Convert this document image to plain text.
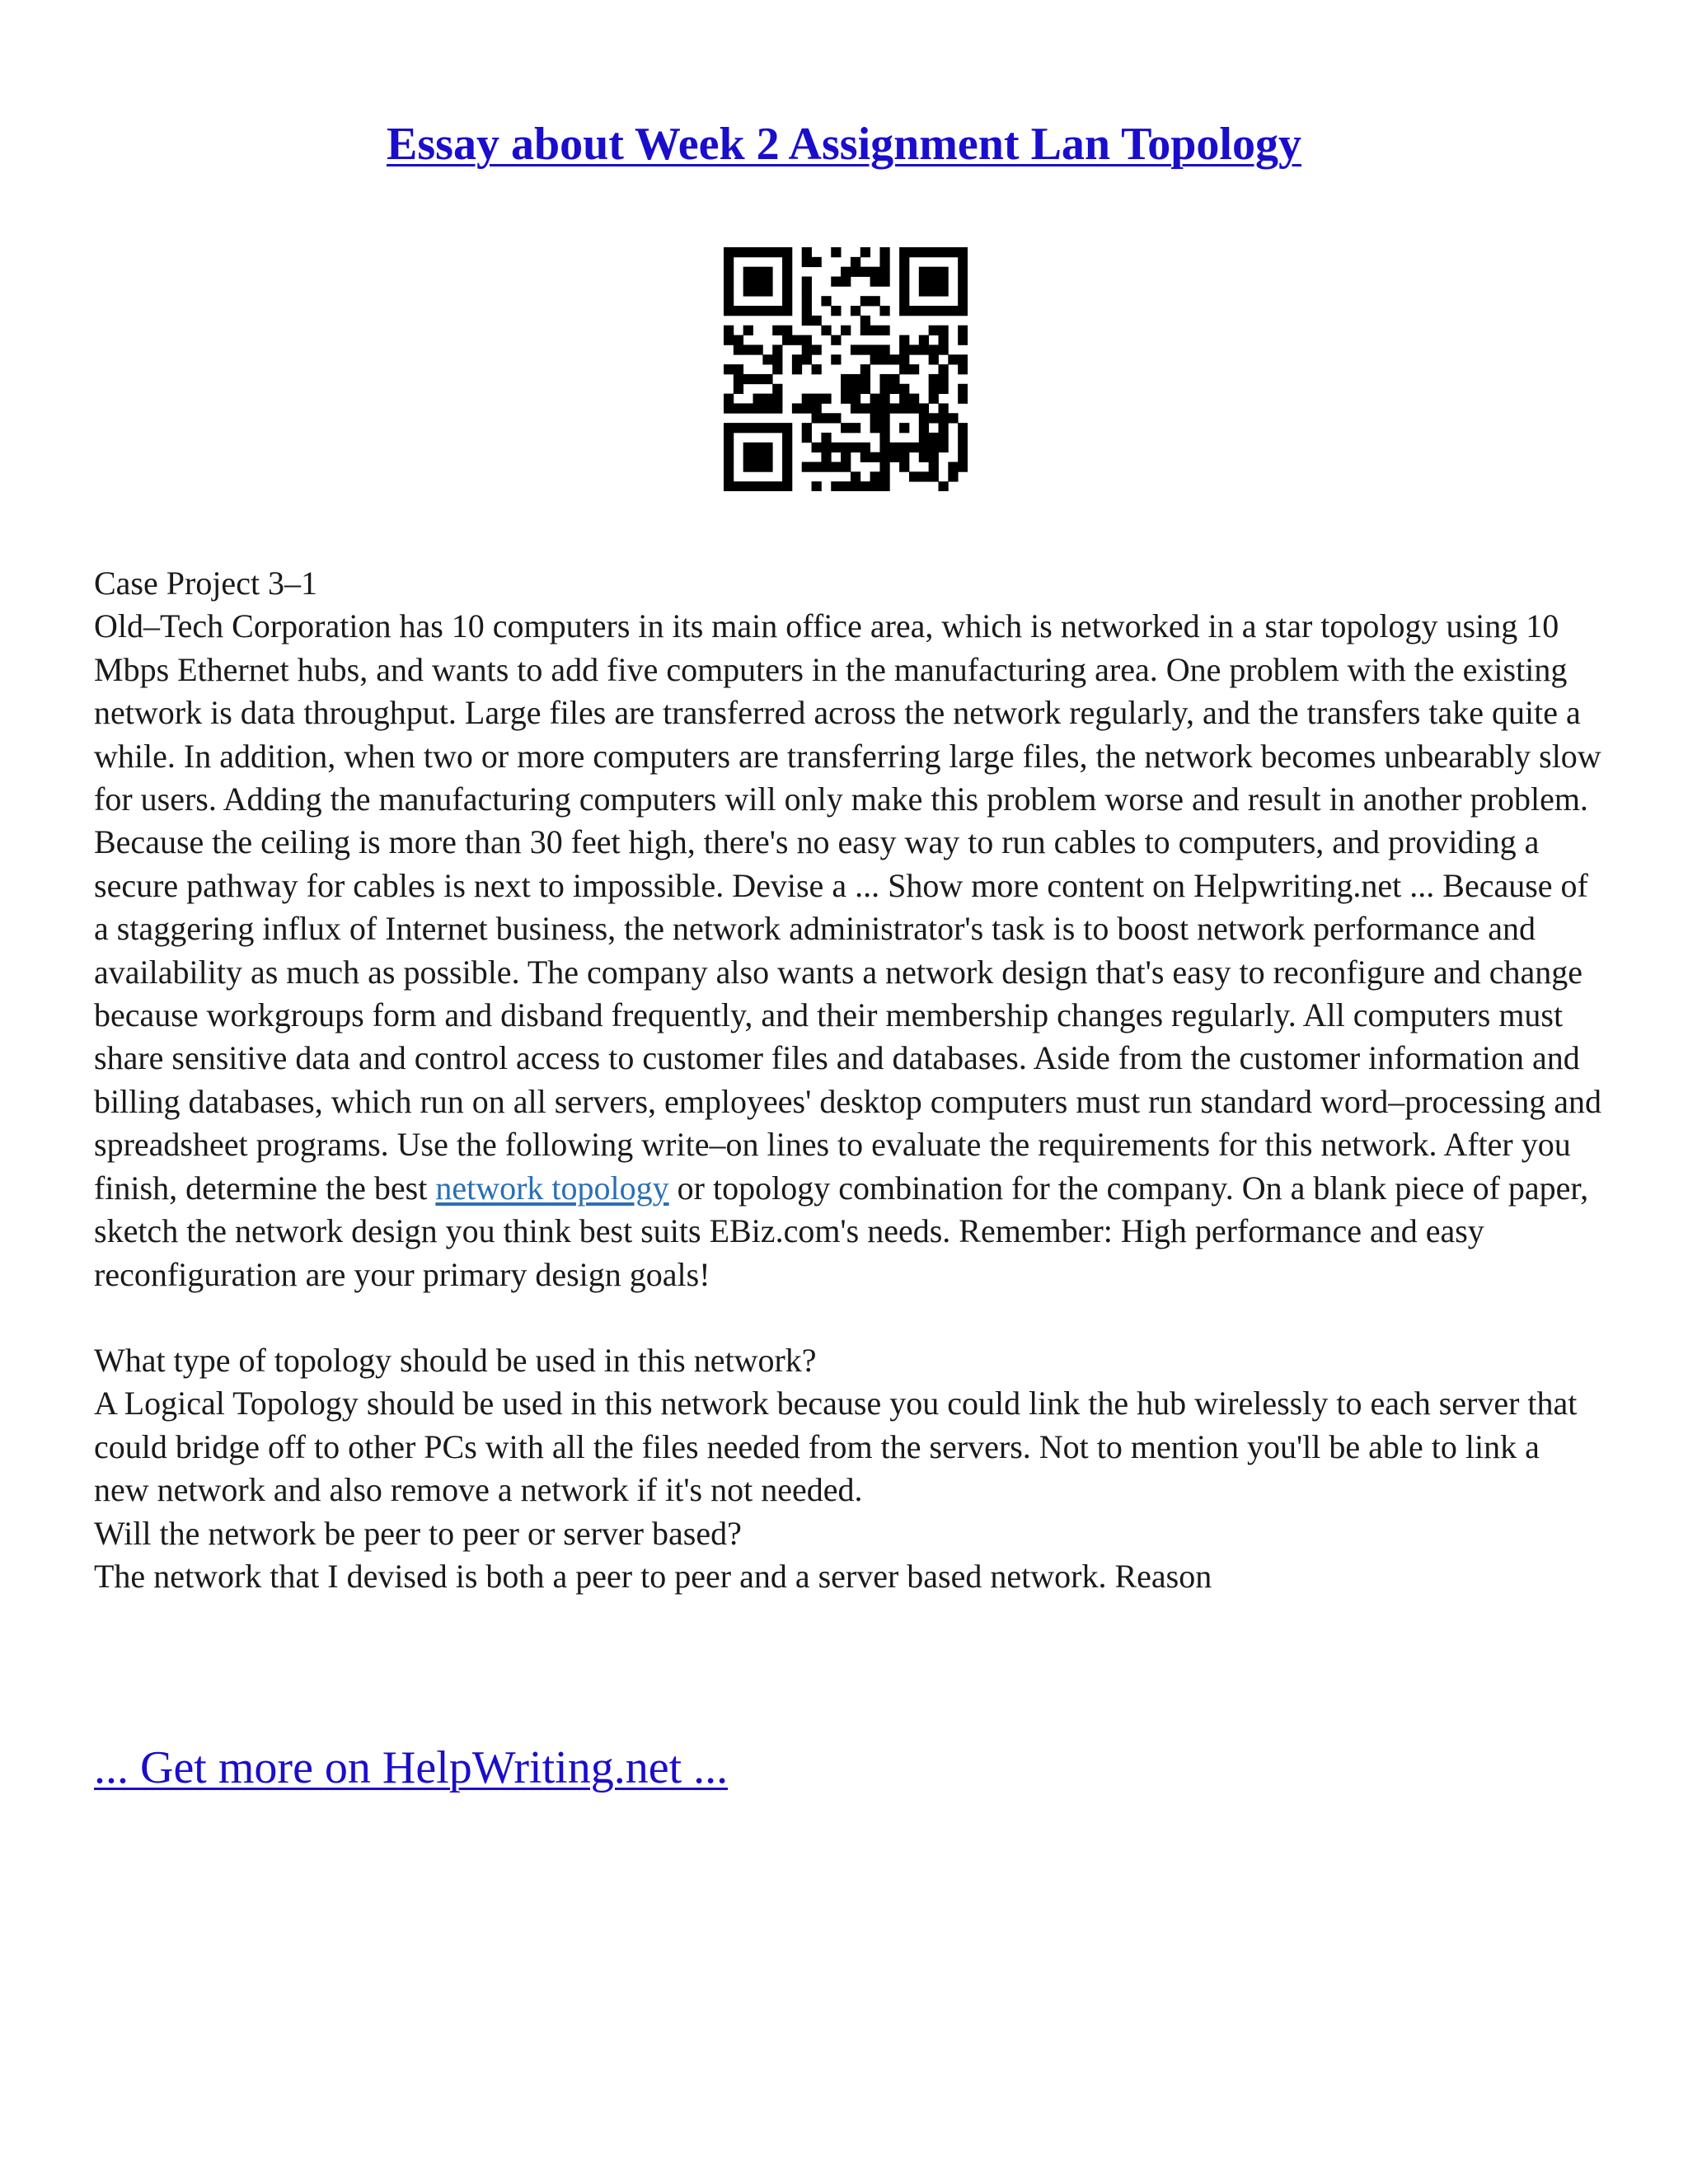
Essay about Week 2 Assignment Lan Topology

Case Project 3–1

Old–Tech Corporation has 10 computers in its main office area, which is networked in a star topology using 10 Mbps Ethernet hubs, and wants to add five computers in the manufacturing area. One problem with the existing network is data throughput. Large files are transferred across the network regularly, and the transfers take quite a while. In addition, when two or more computers are transferring large files, the network becomes unbearably slow for users. Adding the manufacturing computers will only make this problem worse and result in another problem. Because the ceiling is more than 30 feet high, there's no easy way to run cables to computers, and providing a secure pathway for cables is next to impossible. Devise a ... Show more content on Helpwriting.net ... Because of a staggering influx of Internet business, the network administrator's task is to boost network performance and availability as much as possible. The company also wants a network design that's easy to reconfigure and change because workgroups form and disband frequently, and their membership changes regularly. All computers must share sensitive data and control access to customer files and databases. Aside from the customer information and billing databases, which run on all servers, employees' desktop computers must run standard word–processing and spreadsheet programs. Use the following write–on lines to evaluate the requirements for this network. After you finish, determine the best network topology or topology combination for the company. On a blank piece of paper, sketch the network design you think best suits EBiz.com's needs. Remember: High performance and easy reconfiguration are your primary design goals!

What type of topology should be used in this network?

A Logical Topology should be used in this network because you could link the hub wirelessly to each server that could bridge off to other PCs with all the files needed from the servers. Not to mention you'll be able to link a new network and also remove a network if it's not needed.

Will the network be peer to peer or server based?

The network that I devised is both a peer to peer and a server based network. Reason

... Get more on HelpWriting.net ...
